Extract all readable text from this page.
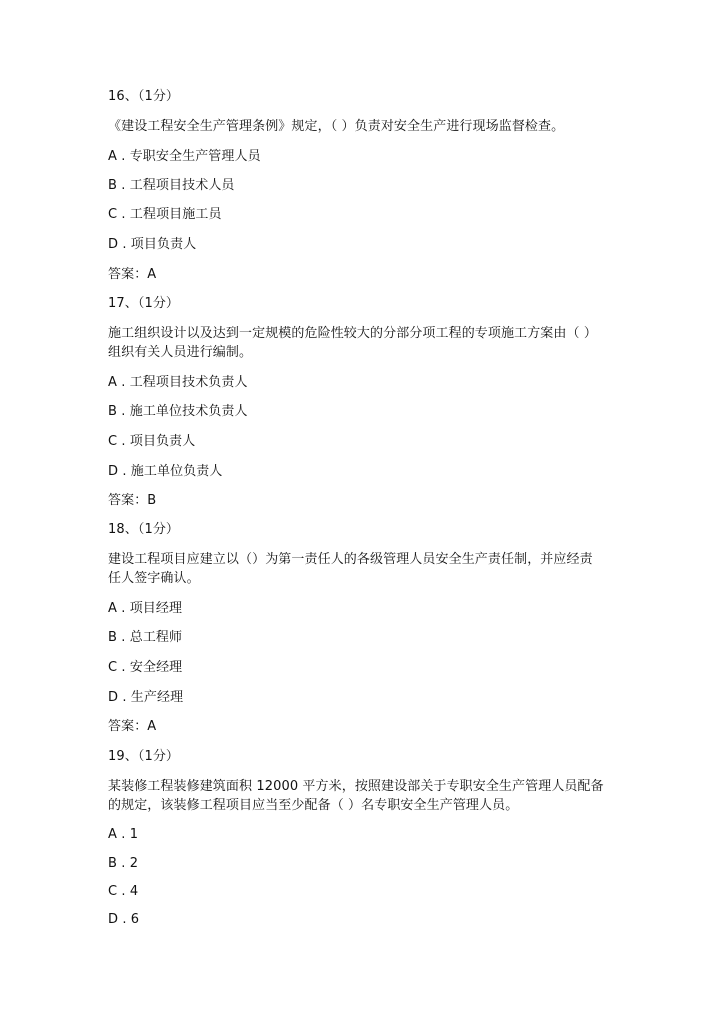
16、（1分）
《建设工程安全生产管理条例》规定，（ ）负责对安全生产进行现场监督检查。
A . 专职安全生产管理人员
B . 工程项目技术人员
C . 工程项目施工员
D . 项目负责人
答案：A
17、（1分）
施工组织设计以及达到一定规模的危险性较大的分部分项工程的专项施工方案由（ ）
组织有关人员进行编制。
A . 工程项目技术负责人
B . 施工单位技术负责人
C . 项目负责人
D . 施工单位负责人
答案：B
18、（1分）
建设工程项目应建立以（）为第一责任人的各级管理人员安全生产责任制，并应经责
任人签字确认。
A . 项目经理
B . 总工程师
C . 安全经理
D . 生产经理
答案：A
19、（1分）
某装修工程装修建筑面积 12000 平方米，按照建设部关于专职安全生产管理人员配备
的规定，该装修工程项目应当至少配备（ ）名专职安全生产管理人员。
A . 1
B . 2
C . 4
D . 6
